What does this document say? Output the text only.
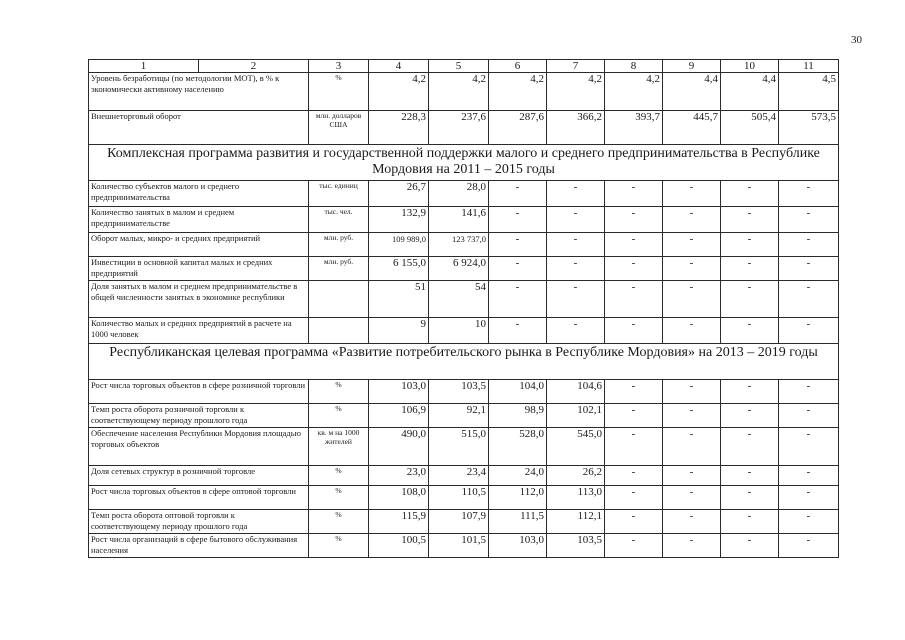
30
1	2	3	4	5	6	7	8	9	10	11
Уровень безработицы (по методологии МОТ), в % к экономически активному населению		%	4,2	4,2	4,2	4,2	4,2	4,4	4,4	4,5
Внешнеторговый оборот		млн. долларов США	228,3	237,6	287,6	366,2	393,7	445,7	505,4	573,5
Комплексная программа развития и государственной поддержки малого и среднего предпринимательства в Республике Мордовия на 2011 – 2015 годы										
Количество субъектов малого и среднего предпринимательства		тыс. единиц	26,7	28,0	-	-	-	-	-	-
Количество занятых в малом и среднем предпринимательстве		тыс. чел.	132,9	141,6	-	-	-	-	-	-
Оборот малых, микро- и средних предприятий		млн. руб.	109 989,0	123 737,0	-	-	-	-	-	-
Инвестиции в основной капитал малых и средних предприятий		млн. руб.	6 155,0	6 924,0	-	-	-	-	-	-
Доля занятых в малом и среднем предпринимательстве в общей численности занятых в экономике республики			51	54	-	-	-	-	-	-
Количество малых и средних предприятий в расчете на 1000 человек			9	10	-	-	-	-	-	-
Республиканская целевая программа «Развитие потребительского рынка в Республике Мордовия» на 2013 – 2019 годы										
Рост числа торговых объектов в сфере розничной торговли		%	103,0	103,5	104,0	104,6	-	-	-	-
Темп роста оборота розничной торговли к соответствующему периоду прошлого года		%	106,9	92,1	98,9	102,1	-	-	-	-
Обеспечение населения Республики Мордовия площадью торговых объектов		кв. м на 1000 жителей	490,0	515,0	528,0	545,0	-	-	-	-
Доля сетевых структур в розничной торговле		%	23,0	23,4	24,0	26,2	-	-	-	-
Рост числа торговых объектов в сфере оптовой торговли		%	108,0	110,5	112,0	113,0	-	-	-	-
Темп роста оборота оптовой торговли к соответствующему периоду прошлого года		%	115,9	107,9	111,5	112,1	-	-	-	-
Рост числа организаций в сфере бытового обслуживания населения		%	100,5	101,5	103,0	103,5	-	-	-	-
